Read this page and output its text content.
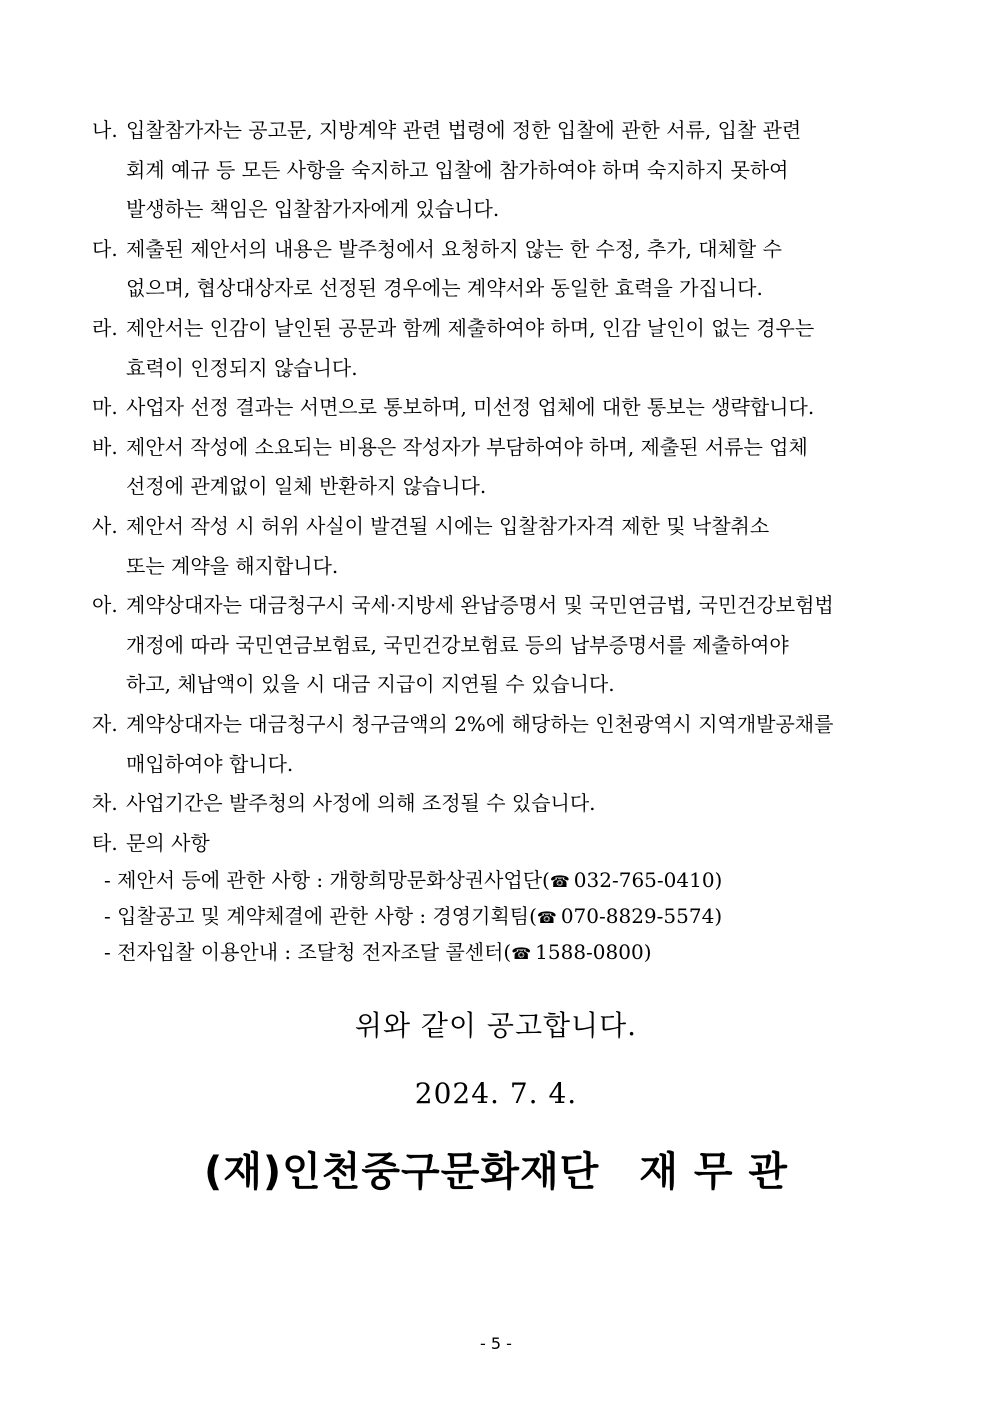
나. 입찰참가자는 공고문, 지방계약 관련 법령에 정한 입찰에 관한 서류, 입찰 관련
회계 예규 등 모든 사항을 숙지하고 입찰에 참가하여야 하며 숙지하지 못하여
발생하는 책임은 입찰참가자에게 있습니다.
다. 제출된 제안서의 내용은 발주청에서 요청하지 않는 한 수정, 추가, 대체할 수
없으며, 협상대상자로 선정된 경우에는 계약서와 동일한 효력을 가집니다.
라. 제안서는 인감이 날인된 공문과 함께 제출하여야 하며, 인감 날인이 없는 경우는
효력이 인정되지 않습니다.
마. 사업자 선정 결과는 서면으로 통보하며, 미선정 업체에 대한 통보는 생략합니다.
바. 제안서 작성에 소요되는 비용은 작성자가 부담하여야 하며, 제출된 서류는 업체
선정에 관계없이 일체 반환하지 않습니다.
사. 제안서 작성 시 허위 사실이 발견될 시에는 입찰참가자격 제한 및 낙찰취소
또는 계약을 해지합니다.
아. 계약상대자는 대금청구시 국세·지방세 완납증명서 및 국민연금법, 국민건강보험법
개정에 따라 국민연금보험료, 국민건강보험료 등의 납부증명서를 제출하여야
하고, 체납액이 있을 시 대금 지급이 지연될 수 있습니다.
자. 계약상대자는 대금청구시 청구금액의 2%에 해당하는 인천광역시 지역개발공채를
매입하여야 합니다.
차. 사업기간은 발주청의 사정에 의해 조정될 수 있습니다.
타. 문의 사항
- 제안서 등에 관한 사항 : 개항희망문화상권사업단(☎ 032-765-0410)
- 입찰공고 및 계약체결에 관한 사항 : 경영기획팀(☎ 070-8829-5574)
- 전자입찰 이용안내 : 조달청 전자조달 콜센터(☎ 1588-0800)
위와 같이 공고합니다.
2024. 7. 4.
(재)인천중구문화재단 재 무 관
- 5 -
